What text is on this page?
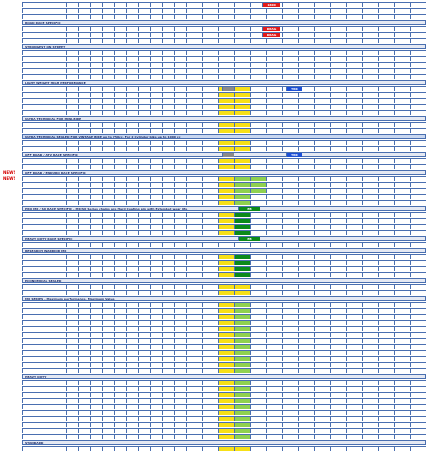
ROAD RACE SPECIFIC
STRONGEST ON STREET
LIGHT WEIGHT HIGH PERFORMANCE
ULTRA TECHNICAL FOR MINI-BIKE
ULTRA TECHNICAL SEALED FOR VINTAGE BIKE up to 750cc, For 2 Cylinder bike up to 1000 cc
OFF ROAD / ATV RACE SPECIFIC
OFF ROAD / ENDURO RACE SPECIFIC
PRO MX / SX RACE SPECIFIC - MX/SX Series chains are Hard Coating pin with Extended wear life
HEAVY DUTY RACE SPECIFIC
RESEARCH WARRIOR MX
ECONOMICAL SEALED
MX SERIES - Maximum performance, Maximum Value
HEAVY DUTY
STANDARD
1600
DRAG
DRAG
TRK
TRK
EB
EB
NEW!
NEW!
